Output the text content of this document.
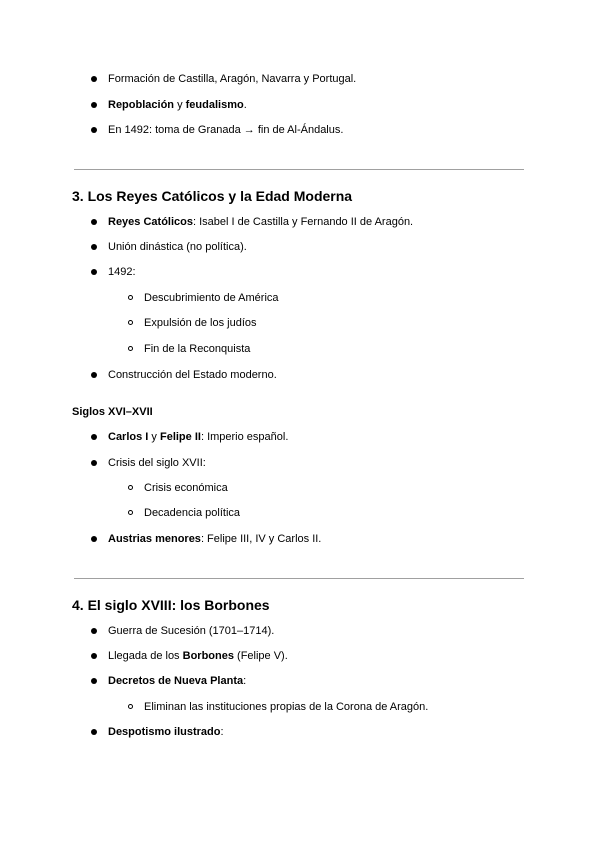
Formación de Castilla, Aragón, Navarra y Portugal.
Repoblación y feudalismo.
En 1492: toma de Granada → fin de Al-Ándalus.
3. Los Reyes Católicos y la Edad Moderna
Reyes Católicos: Isabel I de Castilla y Fernando II de Aragón.
Unión dinástica (no política).
1492:
Descubrimiento de América
Expulsión de los judíos
Fin de la Reconquista
Construcción del Estado moderno.
Siglos XVI–XVII
Carlos I y Felipe II: Imperio español.
Crisis del siglo XVII:
Crisis económica
Decadencia política
Austrias menores: Felipe III, IV y Carlos II.
4. El siglo XVIII: los Borbones
Guerra de Sucesión (1701–1714).
Llegada de los Borbones (Felipe V).
Decretos de Nueva Planta:
Eliminan las instituciones propias de la Corona de Aragón.
Despotismo ilustrado:
